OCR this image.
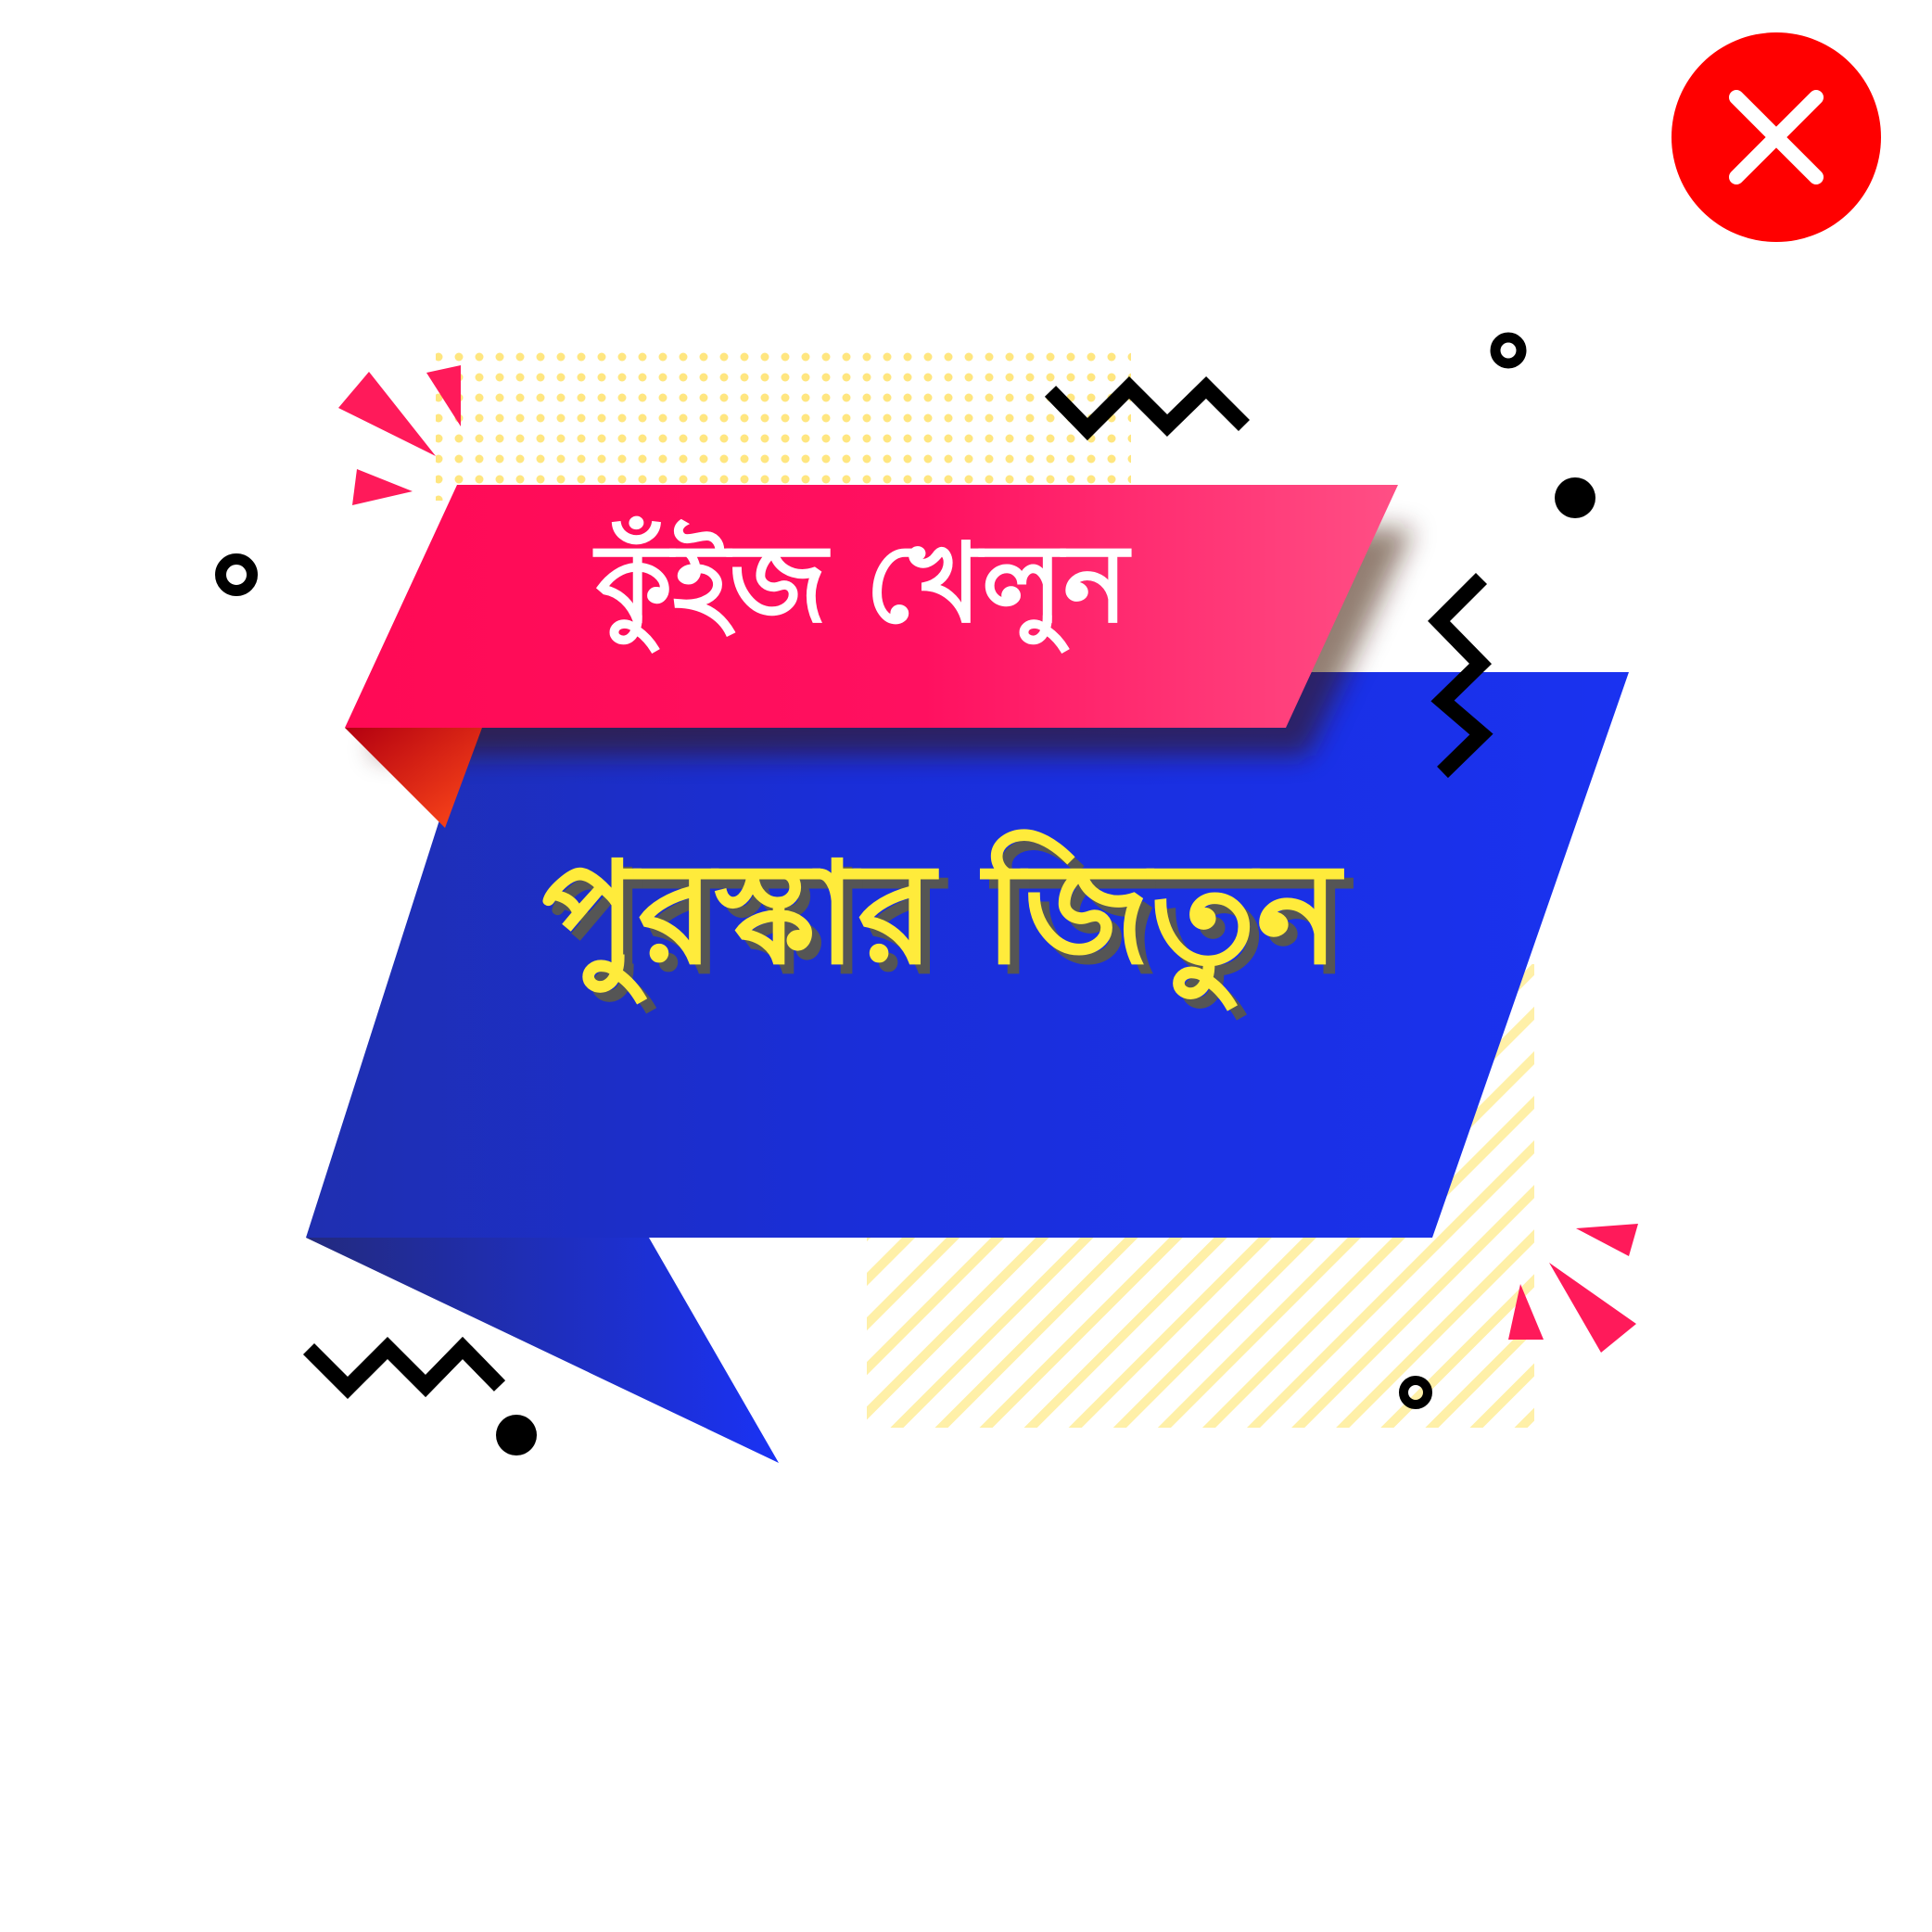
কুঁইজ খেলুন
পুরস্কার জিতুন
